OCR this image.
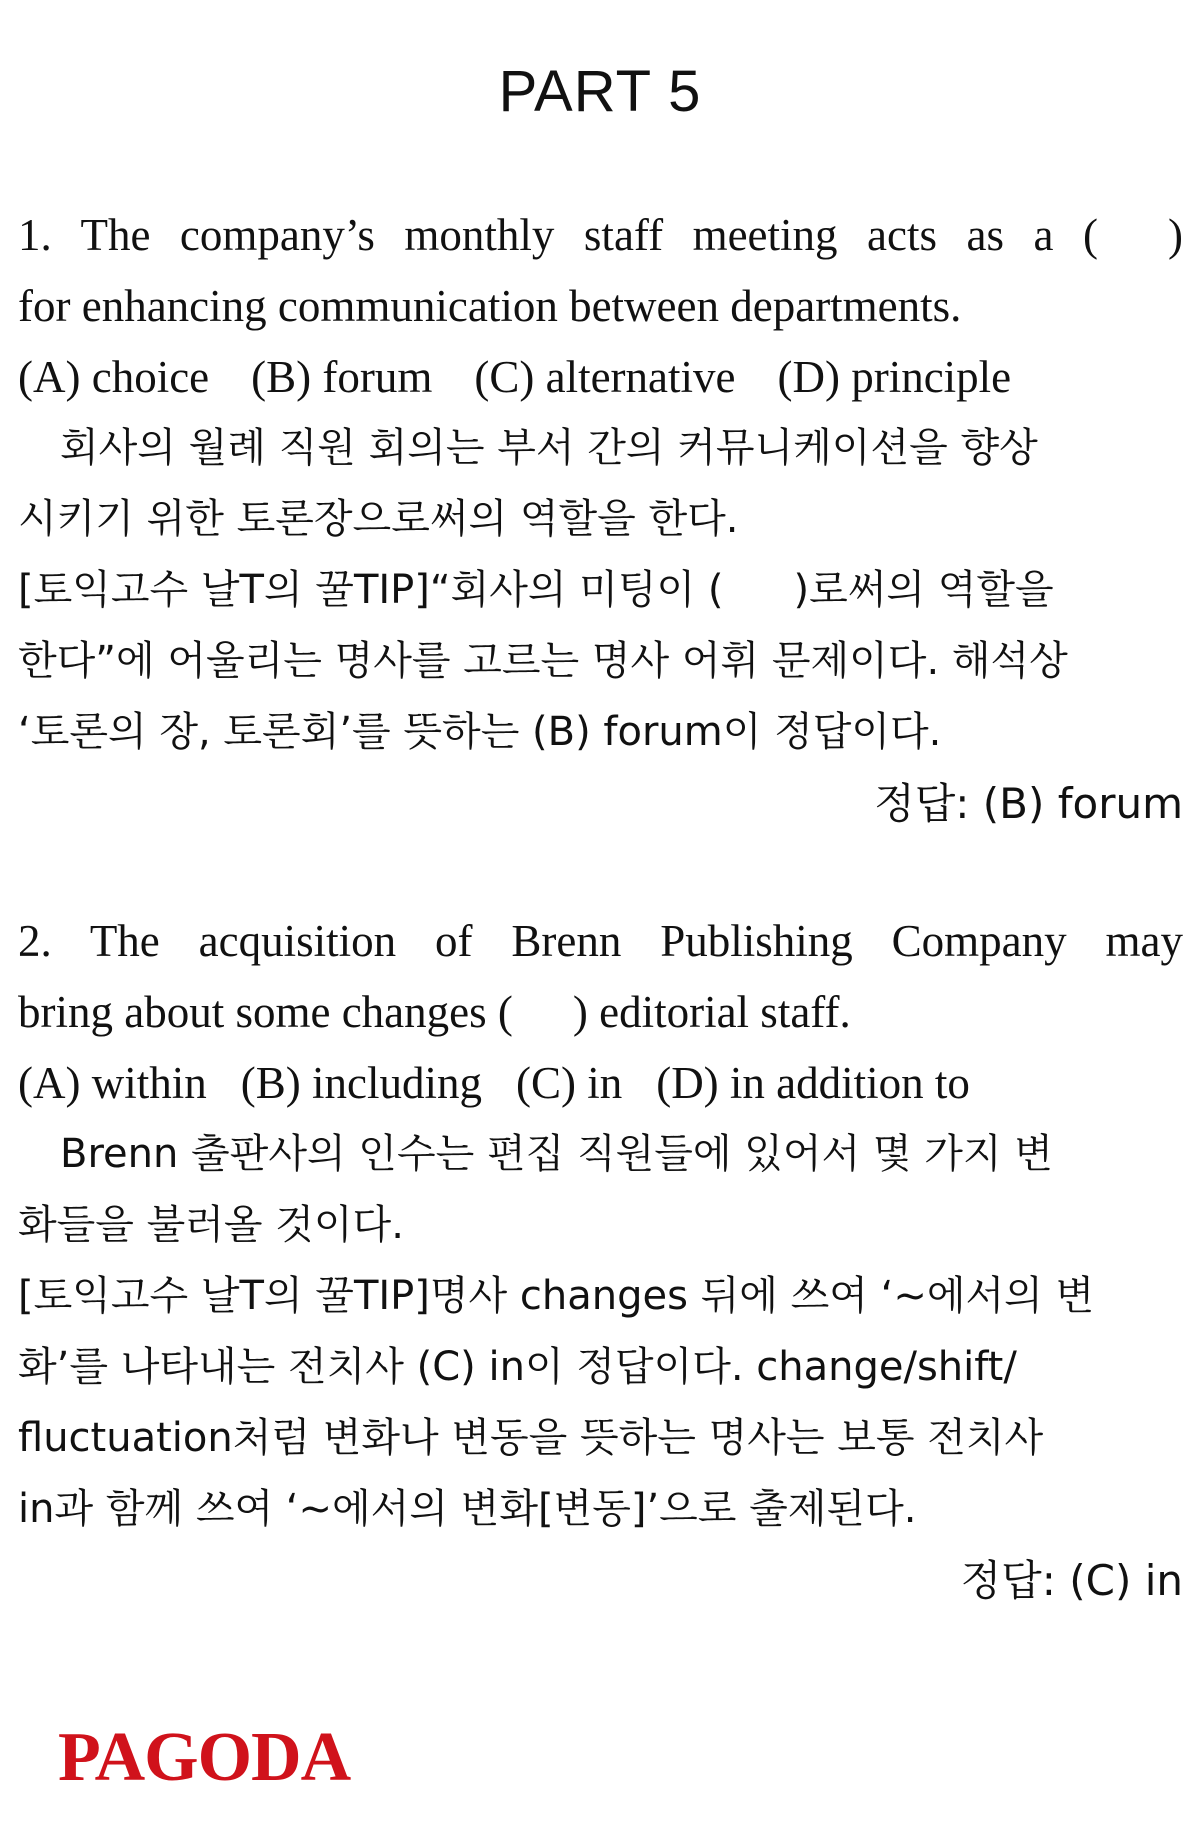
PART 5
1. The company’s monthly staff meeting acts as a ( )
for enhancing communication between departments.
(A) choice (B) forum (C) alternative (D) principle
회사의 월례 직원 회의는 부서 간의 커뮤니케이션을 향상
시키기 위한 토론장으로써의 역할을 한다.
[토익고수 날T의 꿀TIP]“회사의 미팅이 ( )로써의 역할을
한다”에 어울리는 명사를 고르는 명사 어휘 문제이다. 해석상
‘토론의 장, 토론회’를 뜻하는 (B) forum이 정답이다.
정답: (B) forum
2. The acquisition of Brenn Publishing Company may
bring about some changes ( ) editorial staff.
(A) within (B) including (C) in (D) in addition to
Brenn 출판사의 인수는 편집 직원들에 있어서 몇 가지 변
화들을 불러올 것이다.
[토익고수 날T의 꿀TIP]명사 changes 뒤에 쓰여 ‘~에서의 변
화’를 나타내는 전치사 (C) in이 정답이다. change/shift/
fluctuation처럼 변화나 변동을 뜻하는 명사는 보통 전치사
in과 함께 쓰여 ‘~에서의 변화[변동]’으로 출제된다.
정답: (C) in
PAGODA
